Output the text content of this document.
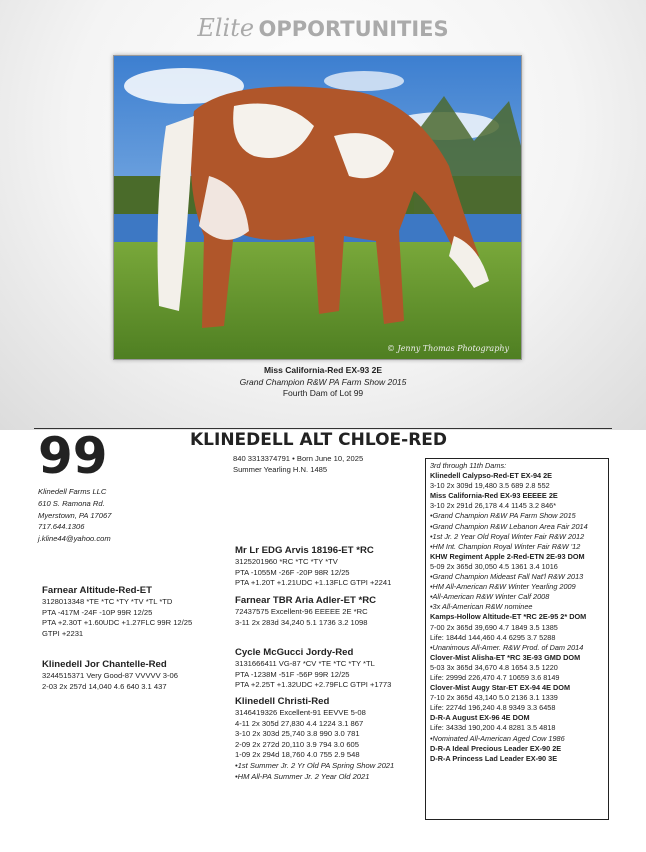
Elite OPPORTUNITIES
© Jenny Thomas Photography
Miss California-Red EX-93 2E
Grand Champion R&W PA Farm Show 2015
Fourth Dam of Lot 99
99
Klinedell Farms LLC
610 S. Ramona Rd.
Myerstown, PA 17067
717.644.1306
j.kline44@yahoo.com
KLINEDELL ALT CHLOE-RED
840 3313374791 • Born June 10, 2025
Summer Yearling H.N. 1485
Farnear Altitude-Red-ET
3128013348 *TE *TC *TY *TV *TL *TD
PTA -417M -24F -10P 99R 12/25
PTA +2.30T +1.60UDC +1.27FLC 99R 12/25
GTPI +2231
Klinedell Jor Chantelle-Red
3244515371 Very Good-87 VVVVV 3-06
2-03 2x 257d 14,040 4.6 640 3.1 437
Mr Lr EDG Arvis 18196-ET *RC
3125201960 *RC *TC *TY *TV
PTA -1055M -26F -20P 98R 12/25
PTA +1.20T +1.21UDC +1.13FLC GTPI +2241
Farnear TBR Aria Adler-ET *RC
72437575 Excellent-96 EEEEE 2E *RC
3-11 2x 283d 34,240 5.1 1736 3.2 1098
Cycle McGucci Jordy-Red
3131666411 VG-87 *CV *TE *TC *TY *TL
PTA -1238M -51F -56P 99R 12/25
PTA +2.25T +1.32UDC +2.79FLC GTPI +1773
Klinedell Christi-Red
3146419326 Excellent-91 EEVVE 5-08
4-11 2x 305d 27,830 4.4 1224 3.1 867
3-10 2x 303d 25,740 3.8 990 3.0 781
2-09 2x 272d 20,110 3.9 794 3.0 605
1-09 2x 294d 18,760 4.0 755 2.9 548
•1st Summer Jr. 2 Yr Old PA Spring Show 2021
•HM All-PA Summer Jr. 2 Year Old 2021
3rd through 11th Dams:
Klinedell Calypso-Red-ET EX-94 2E
3-10 2x 309d 19,480 3.5 689 2.8 552
Miss California-Red EX-93 EEEEE 2E
3-10 2x 291d 26,178 4.4 1145 3.2 846*
•Grand Champion R&W PA Farm Show 2015
•Grand Champion R&W Lebanon Area Fair 2014
•1st Jr. 2 Year Old Royal Winter Fair R&W 2012
•HM Int. Champion Royal Winter Fair R&W '12
KHW Regiment Apple 2-Red-ETN 2E-93 DOM
5-09 2x 365d 30,050 4.5 1361 3.4 1016
•Grand Champion Mideast Fall Nat'l R&W 2013
•HM All-American R&W Winter Yearling 2009
•All-American R&W Winter Calf 2008
•3x All-American R&W nominee
Kamps-Hollow Altitude-ET *RC 2E-95 2* DOM
7-00 2x 365d 39,690 4.7 1849 3.5 1385
Life: 1844d 144,460 4.4 6295 3.7 5288
•Unanimous All-Amer. R&W Prod. of Dam 2014
Clover-Mist Alisha-ET *RC 3E-93 GMD DOM
5-03 3x 365d 34,670 4.8 1654 3.5 1220
Life: 2999d 226,470 4.7 10659 3.6 8149
Clover-Mist Augy Star-ET EX-94 4E DOM
7-10 2x 365d 43,140 5.0 2136 3.1 1339
Life: 2274d 196,240 4.8 9349 3.3 6458
D-R-A August EX-96 4E DOM
Life: 3433d 190,200 4.4 8281 3.5 4818
•Nominated All-American Aged Cow 1986
D-R-A Ideal Precious Leader EX-90 2E
D-R-A Princess Lad Leader EX-90 3E
